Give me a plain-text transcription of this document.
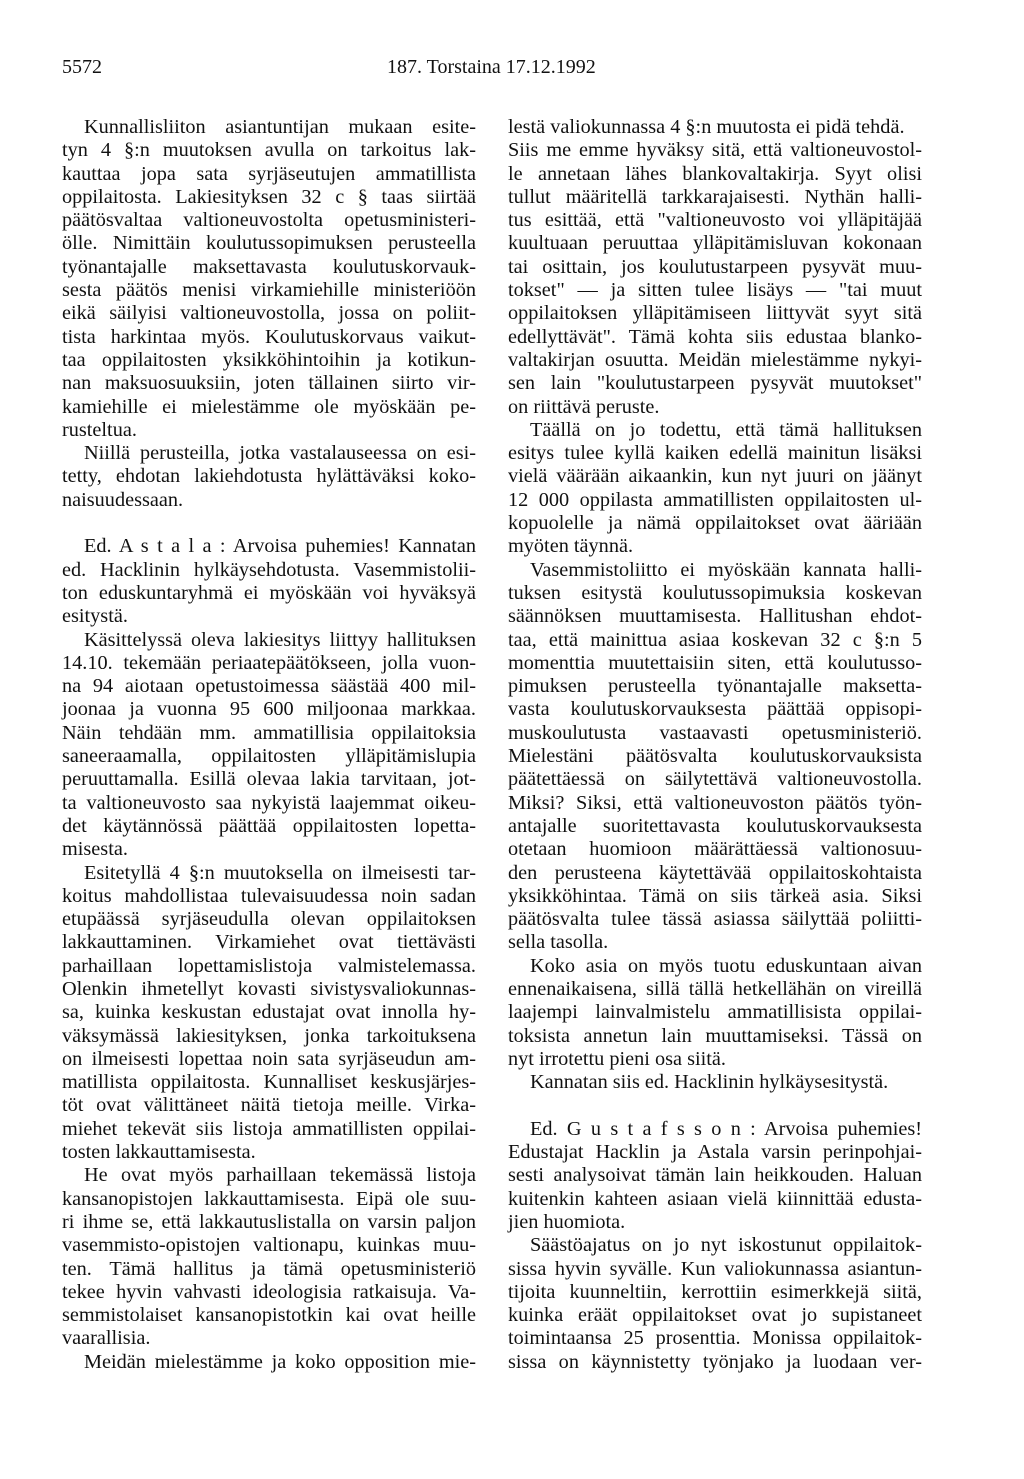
5572	187. Torstaina 17.12.1992
Kunnallisliiton asiantuntijan mukaan esite-
tyn 4 §:n muutoksen avulla on tarkoitus lak-
kauttaa jopa sata syrjäseutujen ammatillista
oppilaitosta. Lakiesityksen 32 c § taas siirtää
päätösvaltaa valtioneuvostolta opetusministeri-
ölle. Nimittäin koulutussopimuksen perusteella
työnantajalle maksettavasta koulutuskorvauk-
sesta päätös menisi virkamiehille ministeriöön
eikä säilyisi valtioneuvostolla, jossa on poliit-
tista harkintaa myös. Koulutuskorvaus vaikut-
taa oppilaitosten yksikköhintoihin ja kotikun-
nan maksuosuuksiin, joten tällainen siirto vir-
kamiehille ei mielestämme ole myöskään pe-
rusteltua.
Niillä perusteilla, jotka vastalauseessa on esi-
tetty, ehdotan lakiehdotusta hylättäväksi koko-
naisuudessaan.
Ed. A s t a l a : Arvoisa puhemies! Kannatan
ed. Hacklinin hylkäysehdotusta. Vasemmistolii-
ton eduskuntaryhmä ei myöskään voi hyväksyä
esitystä.
Käsittelyssä oleva lakiesitys liittyy hallituksen
14.10. tekemään periaatepäätökseen, jolla vuon-
na 94 aiotaan opetustoimessa säästää 400 mil-
joonaa ja vuonna 95 600 miljoonaa markkaa.
Näin tehdään mm. ammatillisia oppilaitoksia
saneeraamalla, oppilaitosten ylläpitämislupia
peruuttamalla. Esillä olevaa lakia tarvitaan, jot-
ta valtioneuvosto saa nykyistä laajemmat oikeu-
det käytännössä päättää oppilaitosten lopetta-
misesta.
Esitetyllä 4 §:n muutoksella on ilmeisesti tar-
koitus mahdollistaa tulevaisuudessa noin sadan
etupäässä syrjäseudulla olevan oppilaitoksen
lakkauttaminen. Virkamiehet ovat tiettävästi
parhaillaan lopettamislistoja valmistelemassa.
Olenkin ihmetellyt kovasti sivistysvaliokunnas-
sa, kuinka keskustan edustajat ovat innolla hy-
väksymässä lakiesityksen, jonka tarkoituksena
on ilmeisesti lopettaa noin sata syrjäseudun am-
matillista oppilaitosta. Kunnalliset keskusjärjes-
töt ovat välittäneet näitä tietoja meille. Virka-
miehet tekevät siis listoja ammatillisten oppilai-
tosten lakkauttamisesta.
He ovat myös parhaillaan tekemässä listoja
kansanopistojen lakkauttamisesta. Eipä ole suu-
ri ihme se, että lakkautuslistalla on varsin paljon
vasemmisto-opistojen valtionapu, kuinkas muu-
ten. Tämä hallitus ja tämä opetusministeriö
tekee hyvin vahvasti ideologisia ratkaisuja. Va-
semmistolaiset kansanopistotkin kai ovat heille
vaarallisia.
Meidän mielestämme ja koko opposition mie-
lestä valiokunnassa 4 §:n muutosta ei pidä tehdä.
Siis me emme hyväksy sitä, että valtioneuvostol-
le annetaan lähes blankovaltakirja. Syyt olisi
tullut määritellä tarkkarajaisesti. Nythän halli-
tus esittää, että "valtioneuvosto voi ylläpitäjää
kuultuaan peruuttaa ylläpitämisluvan kokonaan
tai osittain, jos koulutustarpeen pysyvät muu-
tokset" — ja sitten tulee lisäys — "tai muut
oppilaitoksen ylläpitämiseen liittyvät syyt sitä
edellyttävät". Tämä kohta siis edustaa blanko-
valtakirjan osuutta. Meidän mielestämme nykyi-
sen lain "koulutustarpeen pysyvät muutokset"
on riittävä peruste.
Täällä on jo todettu, että tämä hallituksen
esitys tulee kyllä kaiken edellä mainitun lisäksi
vielä väärään aikaankin, kun nyt juuri on jäänyt
12 000 oppilasta ammatillisten oppilaitosten ul-
kopuolelle ja nämä oppilaitokset ovat ääriään
myöten täynnä.
Vasemmistoliitto ei myöskään kannata halli-
tuksen esitystä koulutussopimuksia koskevan
säännöksen muuttamisesta. Hallitushan ehdot-
taa, että mainittua asiaa koskevan 32 c §:n 5
momenttia muutettaisiin siten, että koulutusso-
pimuksen perusteella työnantajalle maksetta-
vasta koulutuskorvauksesta päättää oppisopi-
muskoulutusta vastaavasti opetusministeriö.
Mielestäni päätösvalta koulutuskorvauksista
päätettäessä on säilytettävä valtioneuvostolla.
Miksi? Siksi, että valtioneuvoston päätös työn-
antajalle suoritettavasta koulutuskorvauksesta
otetaan huomioon määrättäessä valtionosuu-
den perusteena käytettävää oppilaitoskohtaista
yksikköhintaa. Tämä on siis tärkeä asia. Siksi
päätösvalta tulee tässä asiassa säilyttää poliitti-
sella tasolla.
Koko asia on myös tuotu eduskuntaan aivan
ennenaikaisena, sillä tällä hetkellähän on vireillä
laajempi lainvalmistelu ammatillisista oppilai-
toksista annetun lain muuttamiseksi. Tässä on
nyt irrotettu pieni osa siitä.
Kannatan siis ed. Hacklinin hylkäysesitystä.
Ed. G u s t a f s s o n : Arvoisa puhemies!
Edustajat Hacklin ja Astala varsin perinpohjai-
sesti analysoivat tämän lain heikkouden. Haluan
kuitenkin kahteen asiaan vielä kiinnittää edusta-
jien huomiota.
Säästöajatus on jo nyt iskostunut oppilaitok-
sissa hyvin syvälle. Kun valiokunnassa asiantun-
tijoita kuunneltiin, kerrottiin esimerkkejä siitä,
kuinka eräät oppilaitokset ovat jo supistaneet
toimintaansa 25 prosenttia. Monissa oppilaitok-
sissa on käynnistetty työnjako ja luodaan ver-
